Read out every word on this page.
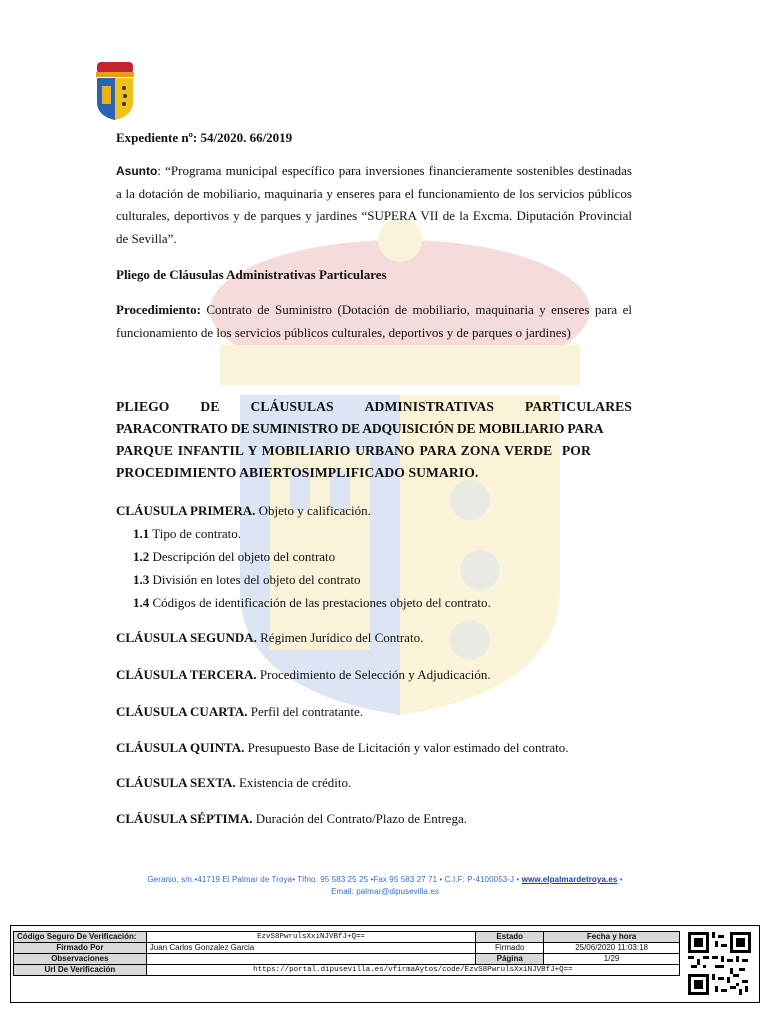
Expediente nº: 54/2020. 66/2019
Asunto: “Programa municipal específico para inversiones financieramente sostenibles destinadas a la dotación de mobiliario, maquinaria y enseres para el funcionamiento de los servicios públicos culturales, deportivos y de parques y jardines “SUPERA VII de la Excma. Diputación Provincial de Sevilla”.
Pliego de Cláusulas Administrativas Particulares
Procedimiento: Contrato de Suministro (Dotación de mobiliario, maquinaria y enseres para el funcionamiento de los servicios públicos culturales, deportivos y de parques o jardines)
PLIEGO DE CLÁUSULAS ADMINISTRATIVAS PARTICULARES
PARACONTRATO DE SUMINISTRO DE ADQUISICIÓN DE MOBILIARIO PARA
PARQUE INFANTIL Y MOBILIARIO URBANO PARA ZONA VERDE  POR
PROCEDIMIENTO ABIERTOSIMPLIFICADO SUMARIO.
CLÁUSULA PRIMERA. Objeto y calificación.
1.1 Tipo de contrato.
1.2 Descripción del objeto del contrato
1.3 División en lotes del objeto del contrato
1.4 Códigos de identificación de las prestaciones objeto del contrato.
CLÁUSULA SEGUNDA. Régimen Jurídico del Contrato.
CLÁUSULA TERCERA. Procedimiento de Selección y Adjudicación.
CLÁUSULA CUARTA. Perfil del contratante.
CLÁUSULA QUINTA. Presupuesto Base de Licitación y valor estimado del contrato.
CLÁUSULA SEXTA. Existencia de crédito.
CLÁUSULA SÉPTIMA. Duración del Contrato/Plazo de Entrega.
Geranio, s/n.•41719 El Palmar de Troya• Tlfno. 95 583 25 25 •Fax 95 583 27 71 • C.I.F: P-4100053-J • www.elpalmardetroya.es •
Email: palmar@dipusevilla.es
Código Seguro De Verificación:	EzvS8PwrulsXxiNJVBfJ+Q==	Estado	Fecha y hora
Firmado Por	Juan Carlos Gonzalez Garcia	Firmado	25/06/2020 11:03:18
Observaciones		Página	1/29
Url De Verificación	https://portal.dipusevilla.es/vfirmaAytos/code/EzvS8PwrulsXxiNJVBfJ+Q==		
